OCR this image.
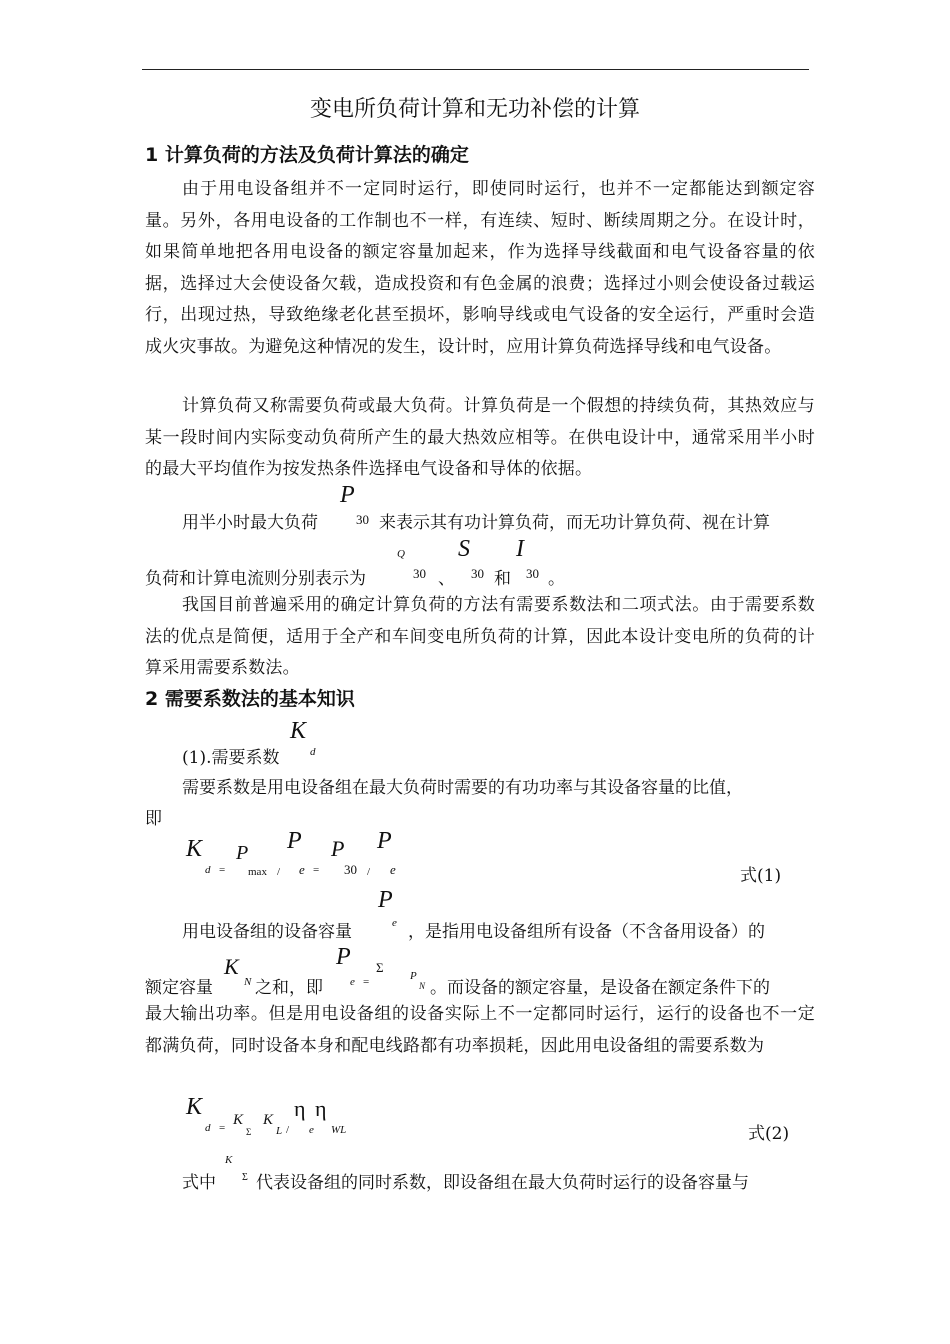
变电所负荷计算和无功补偿的计算
1 计算负荷的方法及负荷计算法的确定
由于用电设备组并不一定同时运行，即使同时运行，也并不一定都能达到额定容量。另外，各用电设备的工作制也不一样，有连续、短时、断续周期之分。在设计时，如果简单地把各用电设备的额定容量加起来，作为选择导线截面和电气设备容量的依据，选择过大会使设备欠载，造成投资和有色金属的浪费；选择过小则会使设备过载运行，出现过热，导致绝缘老化甚至损坏，影响导线或电气设备的安全运行，严重时会造成火灾事故。为避免这种情况的发生，设计时，应用计算负荷选择导线和电气设备。
计算负荷又称需要负荷或最大负荷。计算负荷是一个假想的持续负荷，其热效应与某一段时间内实际变动负荷所产生的最大热效应相等。在供电设计中，通常采用半小时的最大平均值作为按发热条件选择电气设备和导体的依据。
用半小时最大负荷
P
30 来表示其有功计算负荷，而无功计算负荷、视在计算
负荷和计算电流则分别表示为
Q
30 、
S
30 和
I
30 。
我国目前普遍采用的确定计算负荷的方法有需要系数法和二项式法。由于需要系数法的优点是简便，适用于全产和车间变电所负荷的计算，因此本设计变电所的负荷的计算采用需要系数法。
2 需要系数法的基本知识
(1).需要系数
K
d
需要系数是用电设备组在最大负荷时需要的有功功率与其设备容量的比值，
即
K
d =
P
max /
P
e =
P
30 /
P
e	式(1)
用电设备组的设备容量
P
e ，是指用电设备组所有设备（不含备用设备）的
额定容量
K
N 之和，即
P
e =
Σ
P
N 。而设备的额定容量，是设备在额定条件下的
最大输出功率。但是用电设备组的设备实际上不一定都同时运行，运行的设备也不一定都满负荷，同时设备本身和配电线路都有功率损耗，因此用电设备组的需要系数为
K
d = K
Σ
K
L /
η
e
η
WL	式(2)
式中
K
Σ 代表设备组的同时系数，即设备组在最大负荷时运行的设备容量与
